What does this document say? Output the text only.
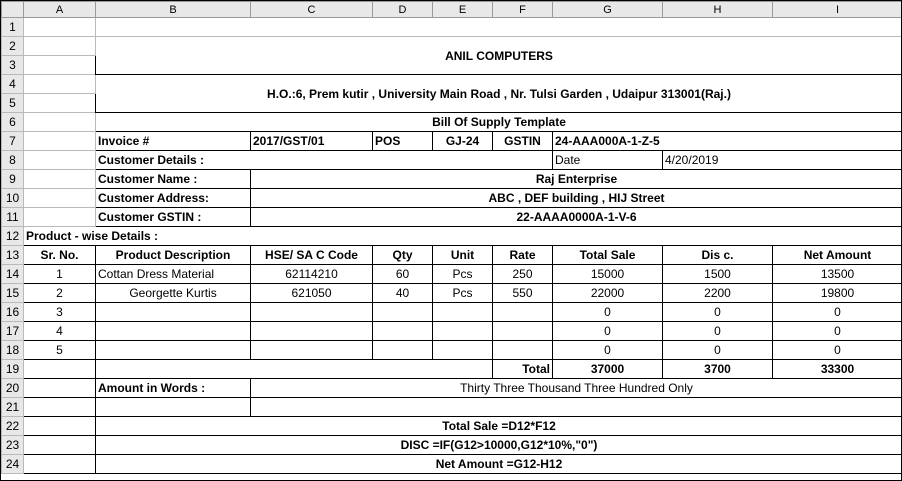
	A	B	C	D	E	F	G	H	I
1									
2		ANIL COMPUTERS							
3									
4		H.O.:6, Prem kutir , University Main Road , Nr. Tulsi Garden , Udaipur 313001(Raj.)							
5									
6		Bill Of Supply Template							
7		Invoice #	2017/GST/01	POS	GJ-24	GSTIN	24-AAA000A-1-Z-5		
8		Customer Details :					Date	4/20/2019	
9		Customer Name :	Raj Enterprise						
10		Customer Address:	ABC , DEF building , HIJ Street						
11		Customer GSTIN :	22-AAAA0000A-1-V-6						
12	Product - wise Details :								
13	Sr. No.	Product Description	HSE/ SA C Code	Qty	Unit	Rate	Total Sale	Dis c.	Net Amount
14	1	Cottan Dress Material	62114210	60	Pcs	250	15000	1500	13500
15	2	Georgette Kurtis	621050	40	Pcs	550	22000	2200	19800
16	3						0	0	0
17	4						0	0	0
18	5						0	0	0
19						Total	37000	3700	33300
20		Amount in Words :	Thirty Three Thousand Three Hundred Only						
21									
22		Total Sale =D12*F12							
23		DISC =IF(G12>10000,G12*10%,"0")							
24		Net Amount =G12-H12							
